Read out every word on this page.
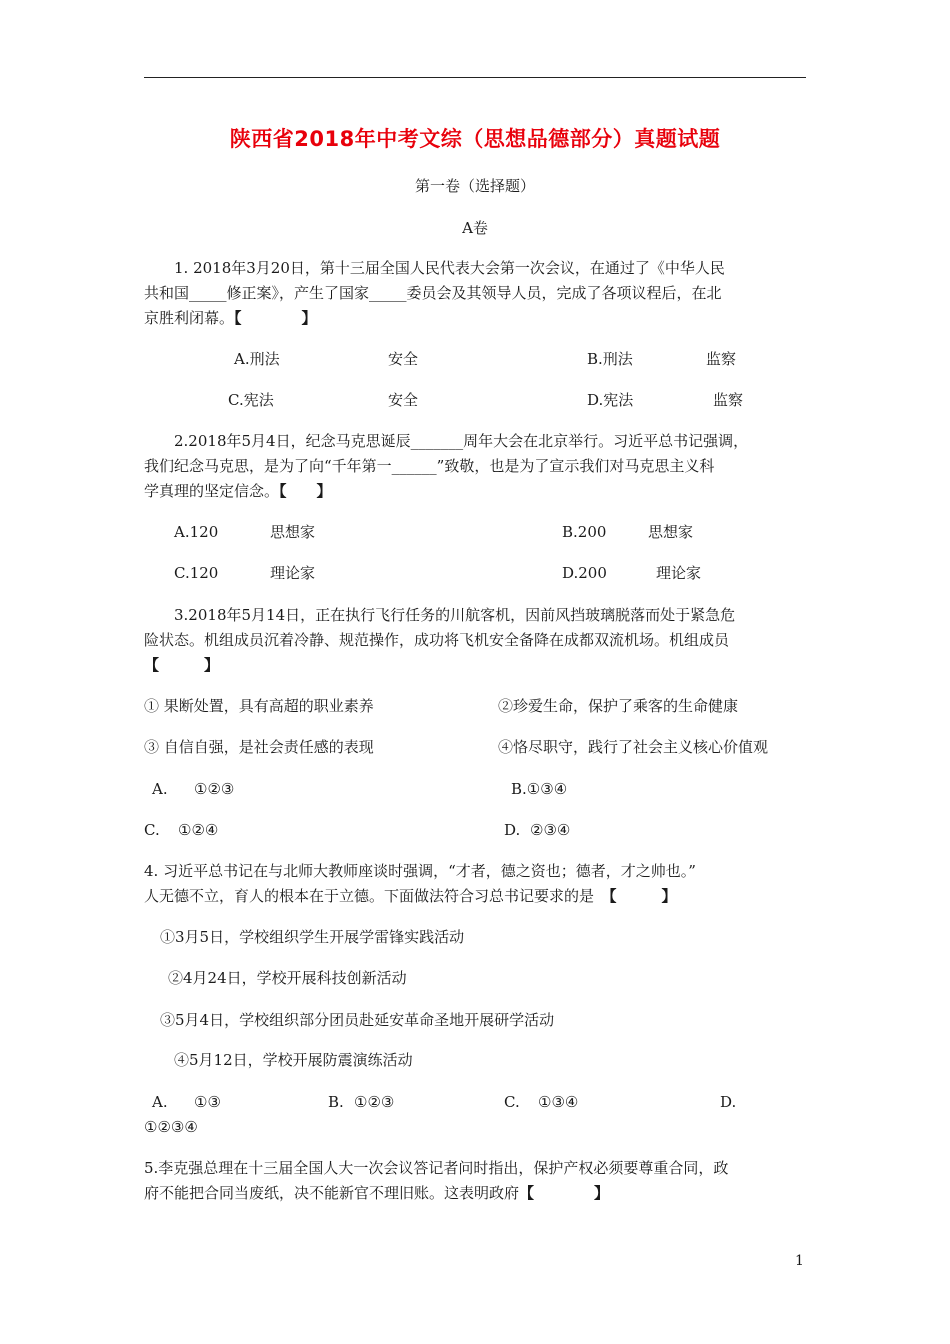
陕西省2018年中考文综（思想品德部分）真题试题
第一卷（选择题）
A卷
1. 2018年3月20日，第十三届全国人民代表大会第一次会议，在通过了《中华人民
共和国_____修正案》，产生了国家_____委员会及其领导人员，完成了各项议程后，在北
京胜利闭幕。【　　　　】
A.刑法	安全	B.刑法	监察
C.宪法	安全	D.宪法	监察
2.2018年5月4日，纪念马克思诞辰_______周年大会在北京举行。习近平总书记强调，
我们纪念马克思，是为了向“千年第一______”致敬，也是为了宣示我们对马克思主义科
学真理的坚定信念。【　　】
A.120	思想家	B.200	思想家
C.120	理论家	D.200	理论家
3.2018年5月14日，正在执行飞行任务的川航客机，因前风挡玻璃脱落而处于紧急危
险状态。机组成员沉着冷静、规范操作，成功将飞机安全备降在成都双流机场。机组成员
【　　　】
① 果断处置，具有高超的职业素养	②珍爱生命，保护了乘客的生命健康
③ 自信自强，是社会责任感的表现	④恪尽职守，践行了社会主义核心价值观
A. ①②③	B.①③④
C. ①②④	D. ②③④
4. 习近平总书记在与北师大教师座谈时强调，“才者，德之资也；德者，才之帅也。”
人无德不立，育人的根本在于立德。下面做法符合习总书记要求的是　 【　　　】
①3月5日，学校组织学生开展学雷锋实践活动
②4月24日，学校开展科技创新活动
③5月4日，学校组织部分团员赴延安革命圣地开展研学活动
④5月12日，学校开展防震演练活动
A. ①③	B. ①②③	C. ①③④	D.
①②③④
5.李克强总理在十三届全国人大一次会议答记者问时指出，保护产权必须要尊重合同，政
府不能把合同当废纸，决不能新官不理旧账。这表明政府【　　　　】
1
